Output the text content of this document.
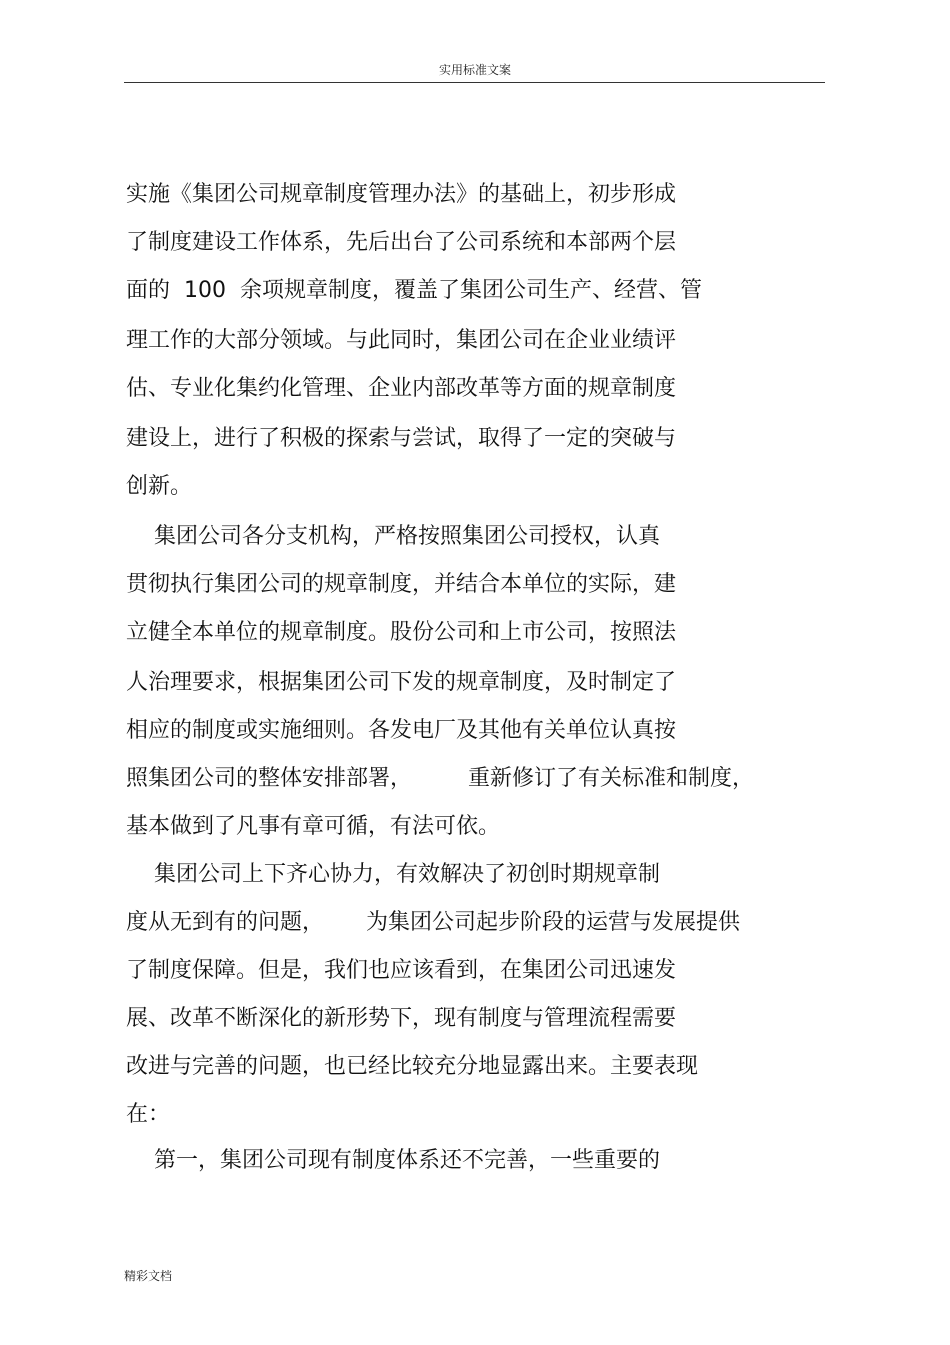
实用标准文案
实施《集团公司规章制度管理办法》的基础上，初步形成
了制度建设工作体系，先后出台了公司系统和本部两个层
面的  100  余项规章制度，覆盖了集团公司生产、经营、管
理工作的大部分领域。与此同时，集团公司在企业业绩评
估、专业化集约化管理、企业内部改革等方面的规章制度
建设上，进行了积极的探索与尝试，取得了一定的突破与
创新。
集团公司各分支机构，严格按照集团公司授权，认真
贯彻执行集团公司的规章制度，并结合本单位的实际，建
立健全本单位的规章制度。股份公司和上市公司，按照法
人治理要求，根据集团公司下发的规章制度，及时制定了
相应的制度或实施细则。各发电厂及其他有关单位认真按
照集团公司的整体安排部署，        重新修订了有关标准和制度，
基本做到了凡事有章可循，有法可依。
集团公司上下齐心协力，有效解决了初创时期规章制
度从无到有的问题，      为集团公司起步阶段的运营与发展提供
了制度保障。但是，我们也应该看到，在集团公司迅速发
展、改革不断深化的新形势下，现有制度与管理流程需要
改进与完善的问题，也已经比较充分地显露出来。主要表现
在：
第一，集团公司现有制度体系还不完善，一些重要的
精彩文档
